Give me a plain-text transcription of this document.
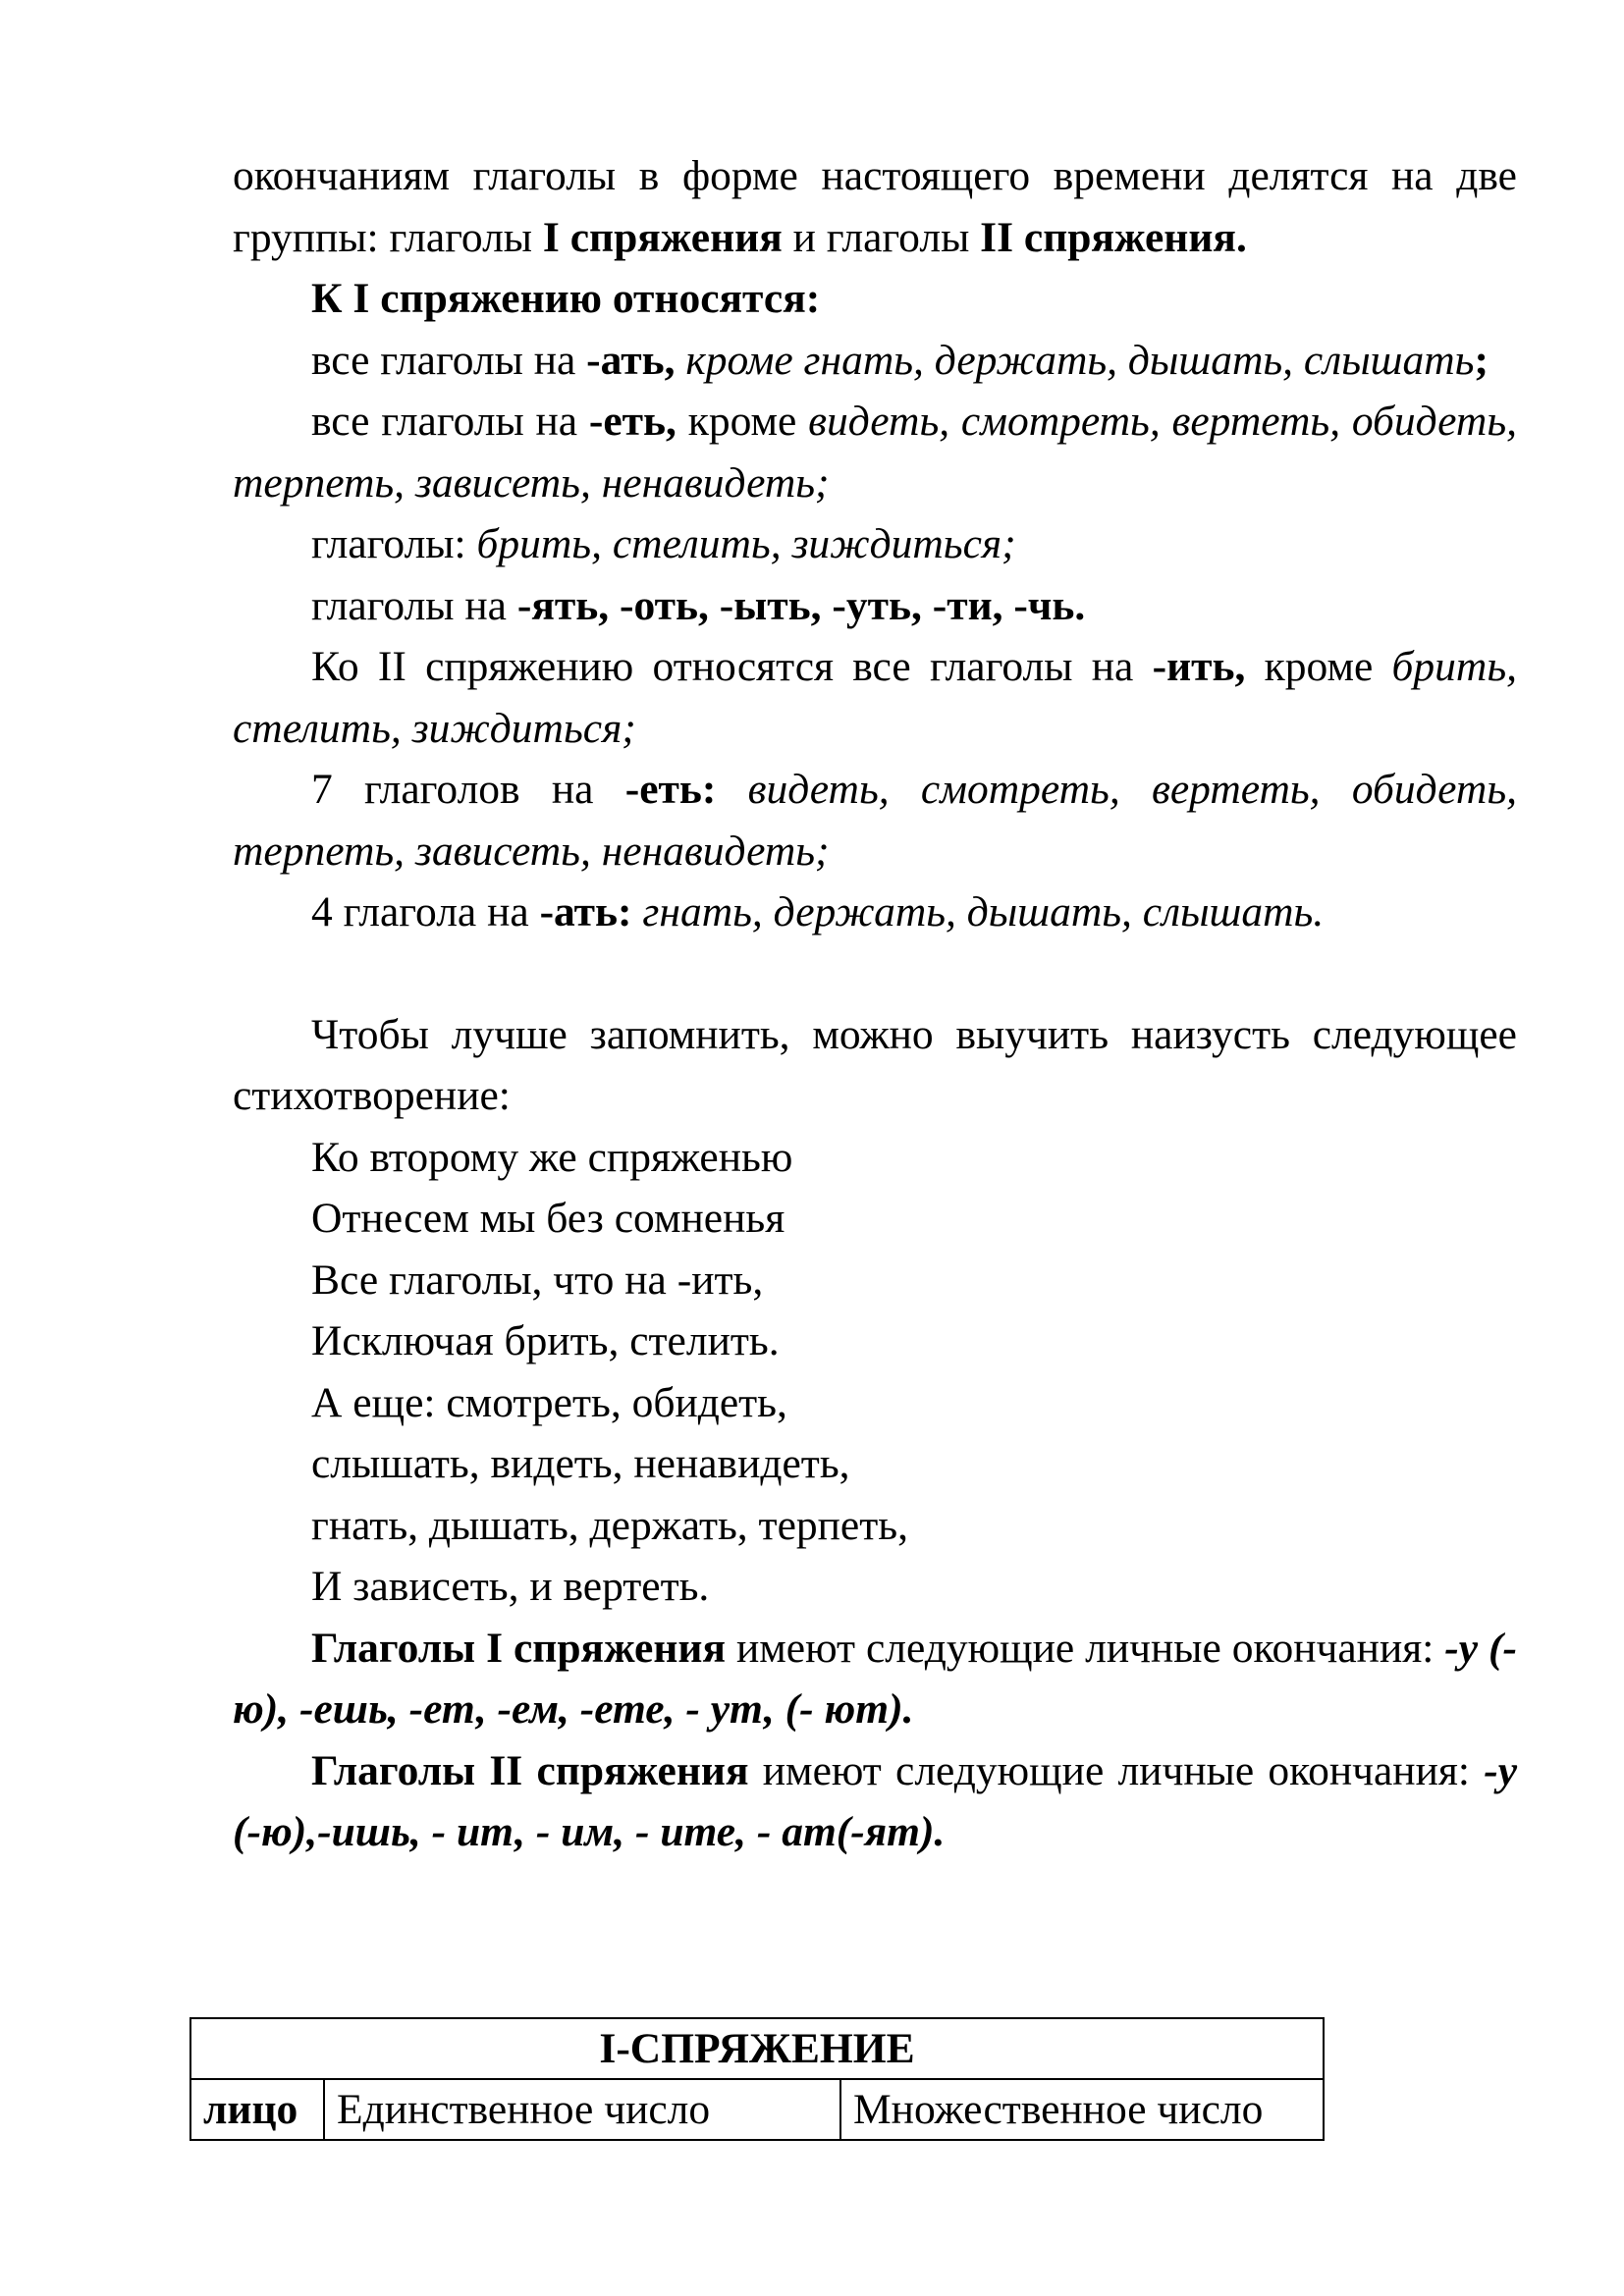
окончаниям глаголы в форме настоящего времени делятся на две группы: глаголы I спряжения и глаголы II спряжения.

К I спряжению относятся:

все глаголы на -ать, кроме гнать, держать, дышать, слышать;

все глаголы на -еть, кроме видеть, смотреть, вертеть, обидеть, терпеть, зависеть, ненавидеть;

глаголы: брить, стелить, зиждиться;

глаголы на -ять, -оть, -ыть, -уть, -ти, -чь.

Ко II спряжению относятся все глаголы на -ить, кроме брить, стелить, зиждиться;

7 глаголов на -еть: видеть, смотреть, вертеть, обидеть, терпеть, зависеть, ненавидеть;

4 глагола на -ать: гнать, держать, дышать, слышать.

Чтобы лучше запомнить, можно выучить наизусть следующее стихотворение:

Ко второму же спряженью

Отнесем мы без сомненья

Все глаголы, что на -ить,

Исключая брить, стелить.

А еще: смотреть, обидеть,

слышать, видеть, ненавидеть,

гнать, дышать, держать, терпеть,

И зависеть, и вертеть.

Глаголы I спряжения имеют следующие личные окончания: -у (-ю), -ешь, -ет, -ем, -ете, - ут, (- ют).

Глаголы II спряжения имеют следующие личные окончания: -у (-ю),-ишь, - ит, - им, - ите, - ат(-ят).

I-СПРЯЖЕНИЕ
лицо	Единственное число	Множественное число
